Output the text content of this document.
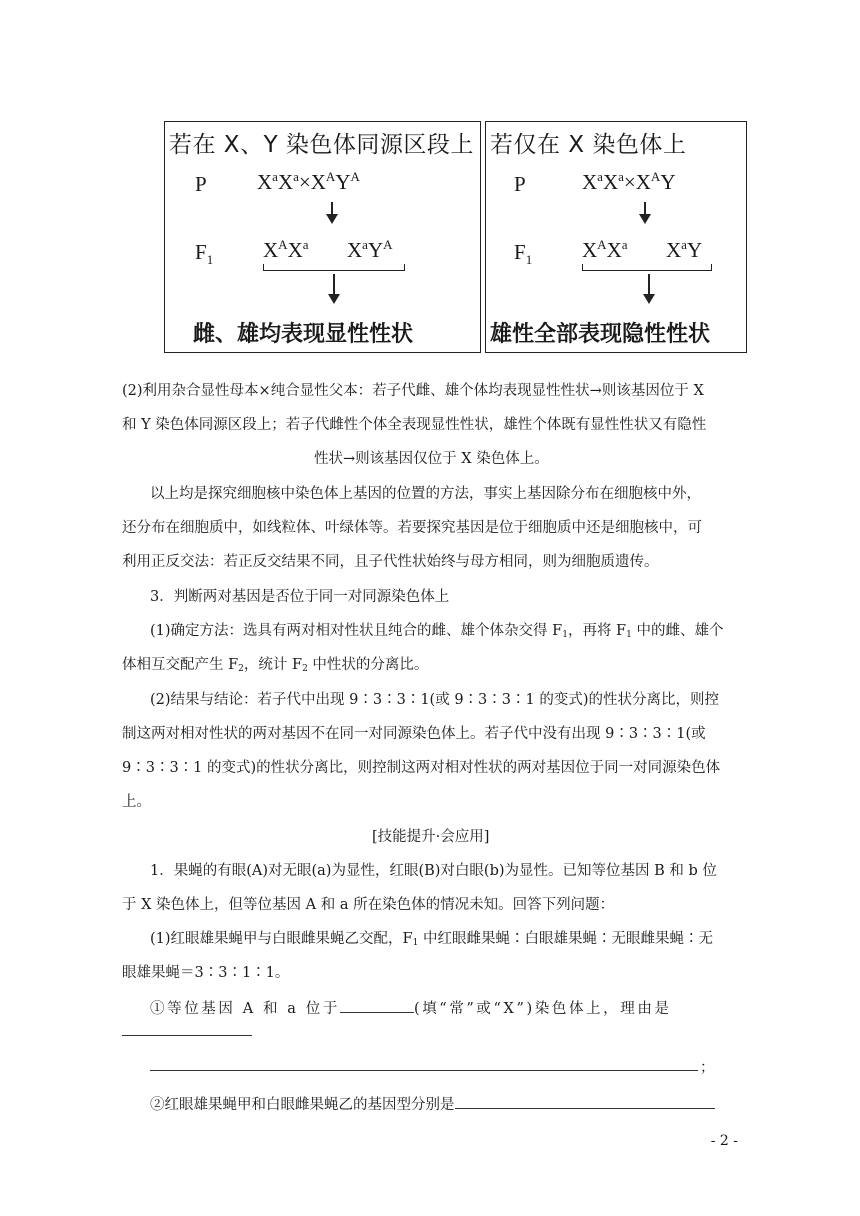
若在 X、Y 染色体同源区段上
P $X^aX^a\times X^AY^A$
$F_1$ $X^AX^a$ $X^aY^A$
雌、雄均表现显性性状
若仅在 X 染色体上
P	$X^aX^a\times X^AY$
$F_1$ $X^AX^a$ $X^aY$
雄性全部表现隐性性状
(2)利用杂合显性母本×纯合显性父本：若子代雌、雄个体均表现显性性状→则该基因位于 X
和 Y 染色体同源区段上；若子代雌性个体全表现显性性状，雄性个体既有显性性状又有隐性
性状→则该基因仅位于 X 染色体上。
以上均是探究细胞核中染色体上基因的位置的方法，事实上基因除分布在细胞核中外，
还分布在细胞质中，如线粒体、叶绿体等。若要探究基因是位于细胞质中还是细胞核中，可
利用正反交法：若正反交结果不同，且子代性状始终与母方相同，则为细胞质遗传。
3．判断两对基因是否位于同一对同源染色体上
(1)确定方法：选具有两对相对性状且纯合的雌、雄个体杂交得 $F_1$，再将 $F_1$ 中的雌、雄个
体相互交配产生 $F_2$，统计 $F_2$ 中性状的分离比。
(2)结果与结论：若子代中出现 9∶3∶3∶1(或 9∶3∶3∶1 的变式)的性状分离比，则控
制这两对相对性状的两对基因不在同一对同源染色体上。若子代中没有出现 9∶3∶3∶1(或
9∶3∶3∶1 的变式)的性状分离比，则控制这两对相对性状的两对基因位于同一对同源染色体
上。
[技能提升·会应用]
1．果蝇的有眼(A)对无眼(a)为显性，红眼(B)对白眼(b)为显性。已知等位基因 B 和 b 位
于 X 染色体上，但等位基因 A 和 a 所在染色体的情况未知。回答下列问题：
(1)红眼雄果蝇甲与白眼雌果蝇乙交配，$F_1$ 中红眼雌果蝇∶白眼雄果蝇∶无眼雌果蝇∶无
眼雄果蝇＝3∶3∶1∶1。
①等位基因 A 和 a 位于	(填“常”或“X”)染色体上，理由是
；
②红眼雄果蝇甲和白眼雌果蝇乙的基因型分别是
- 2 -
